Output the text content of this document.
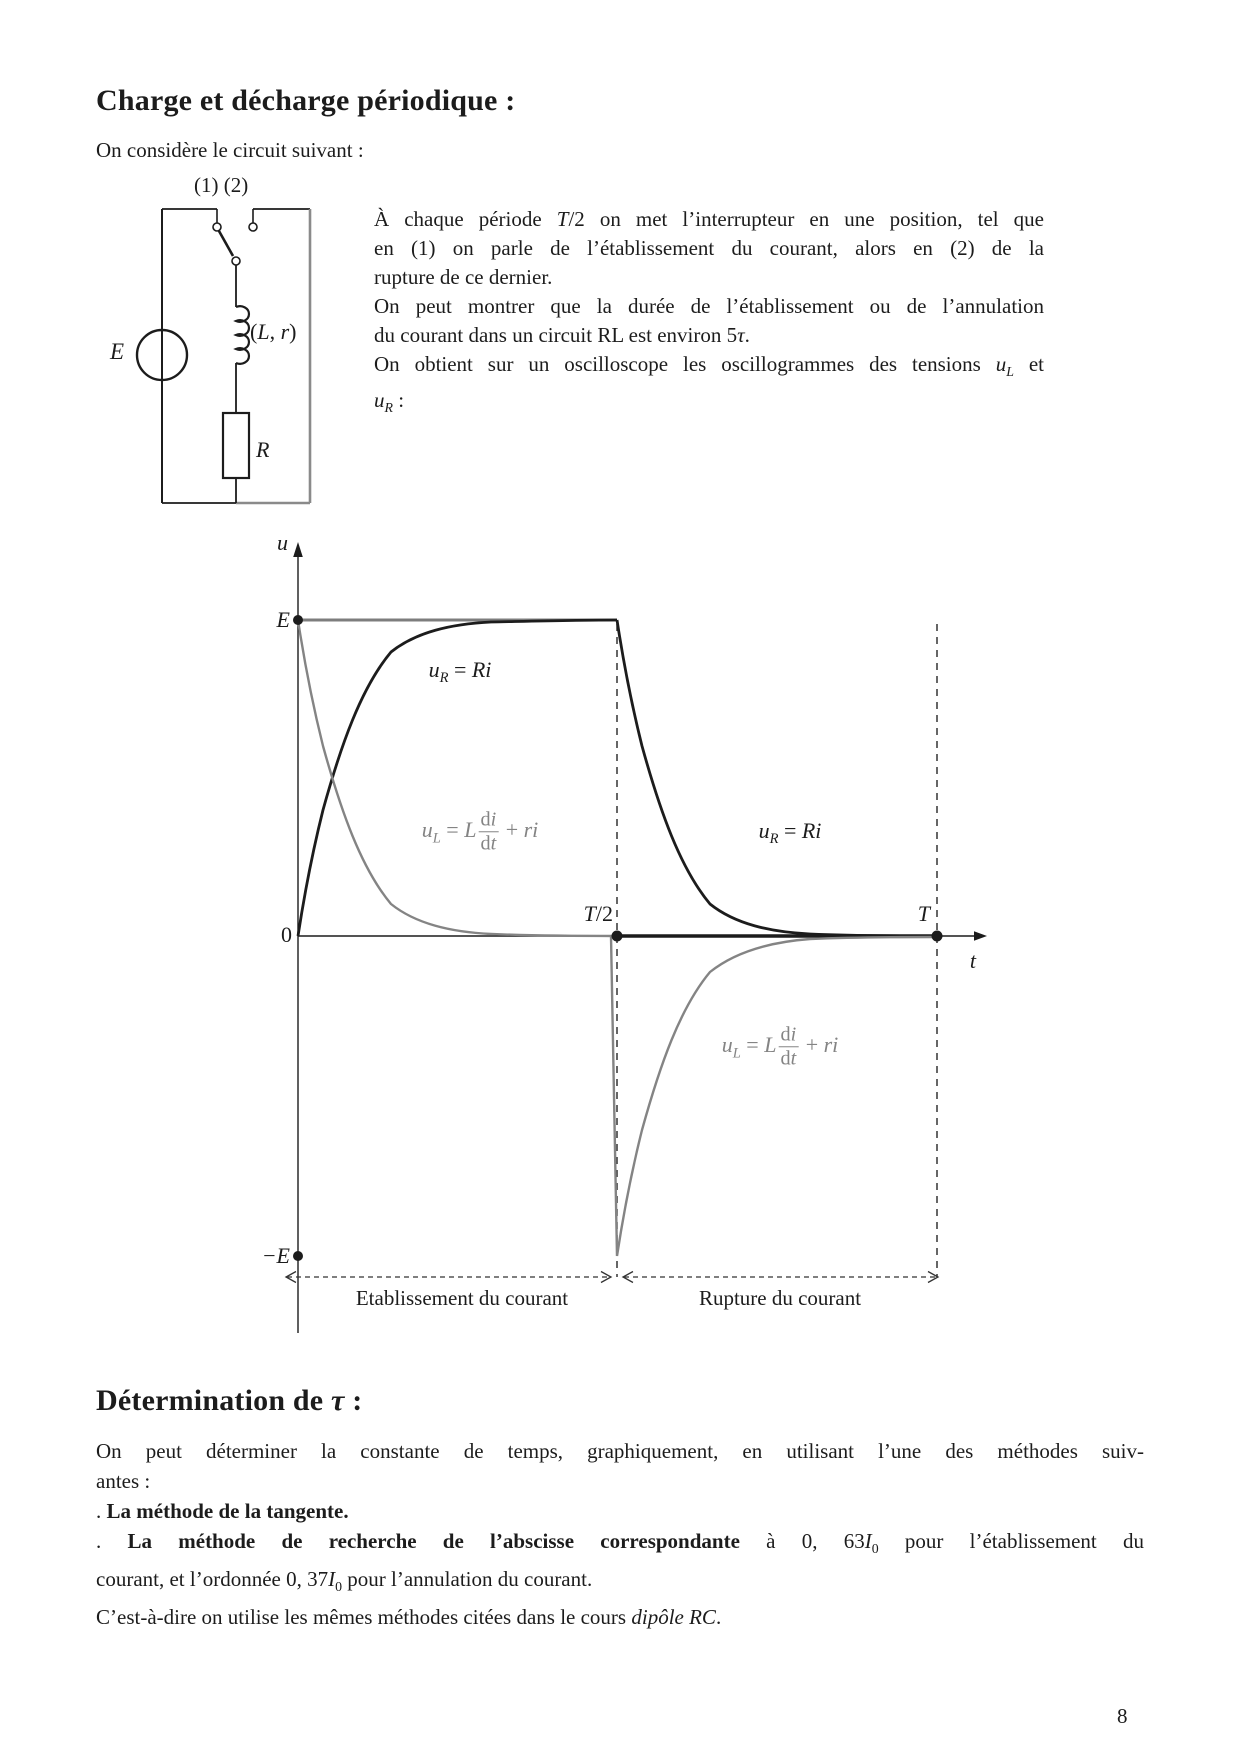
Charge et décharge périodique :
On considère le circuit suivant :
(1) (2)
E
(L, r)
R
À chaque période T/2 on met l’interrupteur en une position, tel que
en (1) on parle de l’établissement du courant, alors en (2) de la
rupture de ce dernier.
On peut montrer que la durée de l’établissement ou de l’annulation
du courant dans un circuit RL est environ 5τ.
On obtient sur un oscilloscope les oscillogrammes des tensions $u_L$ et
$u_R$ :
u
t
0
E
−E
T/2	T
$u_R = Ri$
$u_L = L \frac{di}{dt}$ + ri	$u_R = Ri$
$u_L = L \frac{di}{dt}$ + ri
Etablissement du courant	Rupture du courant
Détermination de τ :
On peut déterminer la constante de temps, graphiquement, en utilisant l’une des méthodes suiv-
antes :
. La méthode de la tangente.
. La méthode de recherche de l’abscisse correspondante à 0, $63I_0$ pour l’établissement du
courant, et l’ordonnée 0, $37I_0$ pour l’annulation du courant.
C’est-à-dire on utilise les mêmes méthodes citées dans le cours dipôle RC.
8
